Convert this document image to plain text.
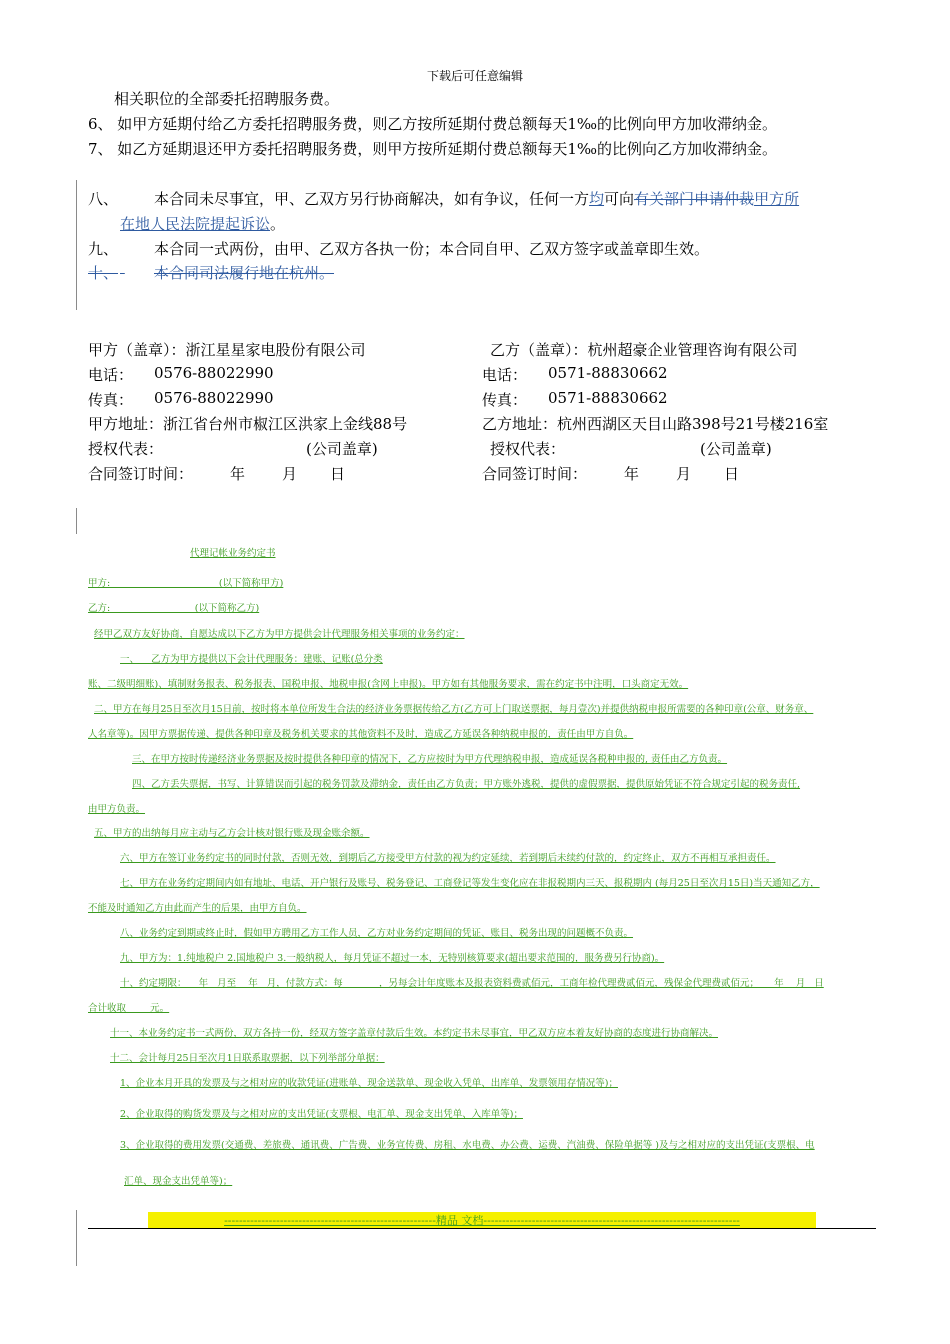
下载后可任意编辑
相关职位的全部委托招聘服务费。
6、 如甲方延期付给乙方委托招聘服务费，则乙方按所延期付费总额每天1‰的比例向甲方加收滞纳金。
7、 如乙方延期退还甲方委托招聘服务费，则甲方按所延期付费总额每天1‰的比例向乙方加收滞纳金。
八、 本合同未尽事宜，甲、乙双方另行协商解决，如有争议，任何一方均可向有关部门申请仲裁甲方所
在地人民法院提起诉讼。
九、 本合同一式两份，由甲、乙双方各执一份；本合同自甲、乙双方签字或盖章即生效。
十、
本合同司法履行地在杭州。
甲方（盖章）：浙江星星家电股份有限公司
电话： 0576-88022990
传真： 0576-88022990
甲方地址：浙江省台州市椒江区洪家上金线88号
授权代表：	(公司盖章)
合同签订时间： 年 月 日
乙方（盖章）：杭州超豪企业管理咨询有限公司
电话： 0571-88830662
传真： 0571-88830662
乙方地址：杭州西湖区天目山路398号21号楼216室
授权代表：	(公司盖章)
合同签订时间： 年 月 日
代理记帐业务约定书
甲方:                                    (以下简称甲方)
乙方:                            (以下简称乙方)
经甲乙双方友好协商，自愿达成以下乙方为甲方提供会计代理服务相关事项的业务约定：
一、    乙方为甲方提供以下会计代理服务：建账、记账(总分类
账、二级明细账)、填制财务报表、税务报表、国税申报、地税申报(含网上申报)。甲方如有其他服务要求，需在约定书中注明，口头商定无效。
二、甲方在每月25日至次月15日前，按时将本单位所发生合法的经济业务票据传给乙方(乙方可上门取送票据，每月壹次)并提供纳税申报所需要的各种印章(公章、财务章、
人名章等)。因甲方票据传递、提供各种印章及税务机关要求的其他资料不及时，造成乙方延误各种纳税申报的，责任由甲方自负。
三、在甲方按时传递经济业务票据及按时提供各种印章的情况下，乙方应按时为甲方代理纳税申报，造成延误各税种申报的, 责任由乙方负责。
四、乙方丢失票据，书写、计算错误而引起的税务罚款及滞纳金，责任由乙方负责；甲方账外逃税，提供的虚假票据，提供原始凭证不符合规定引起的税务责任,
由甲方负责。
五、甲方的出纳每月应主动与乙方会计核对银行账及现金账余额。
六、甲方在签订业务约定书的同时付款，否则无效，到期后乙方接受甲方付款的视为约定延续，若到期后未续约付款的，约定终止，双方不再相互承担责任。
七、甲方在业务约定期间内如有地址、电话、开户银行及账号、税务登记、工商登记等发生变化应在非报税期内三天、报税期内 (每月25日至次月15日)当天通知乙方，
不能及时通知乙方由此而产生的后果，由甲方自负。
八、业务约定到期或终止时，假如甲方聘用乙方工作人员，乙方对业务约定期间的凭证、账目、税务出现的问题概不负责。
九、甲方为：1.纯地税户 2.国地税户 3.一般纳税人，每月凭证不超过一本，无特别核算要求(超出要求范围的，服务费另行协商)。
十、约定期限：    年   月至    年   月，付款方式：每            ，另每会计年度账本及报表资料费贰佰元，工商年检代理费贰佰元，残保金代理费贰佰元；     年    月   日
合计收取        元。
十一、本业务约定书一式两份，双方各持一份，经双方签字盖章付款后生效。本约定书未尽事宜，甲乙双方应本着友好协商的态度进行协商解决。
十二、会计每月25日至次月1日联系取票据，以下列举部分单据：
1、企业本月开具的发票及与之相对应的收款凭证(进账单、现金送款单、现金收入凭单、出库单、发票领用存情况等)；
2、企业取得的购货发票及与之相对应的支出凭证(支票根、电汇单、现金支出凭单、入库单等)；
3、企业取得的费用发票(交通费、差旅费、通讯费、广告费、业务宣传费、房租、水电费、办公费、运费、汽油费、保险单据等 )及与之相对应的支出凭证(支票根、电
汇单、现金支出凭单等)；
---------------------------------------------------------精品 文档---------------------------------------------------------------------
